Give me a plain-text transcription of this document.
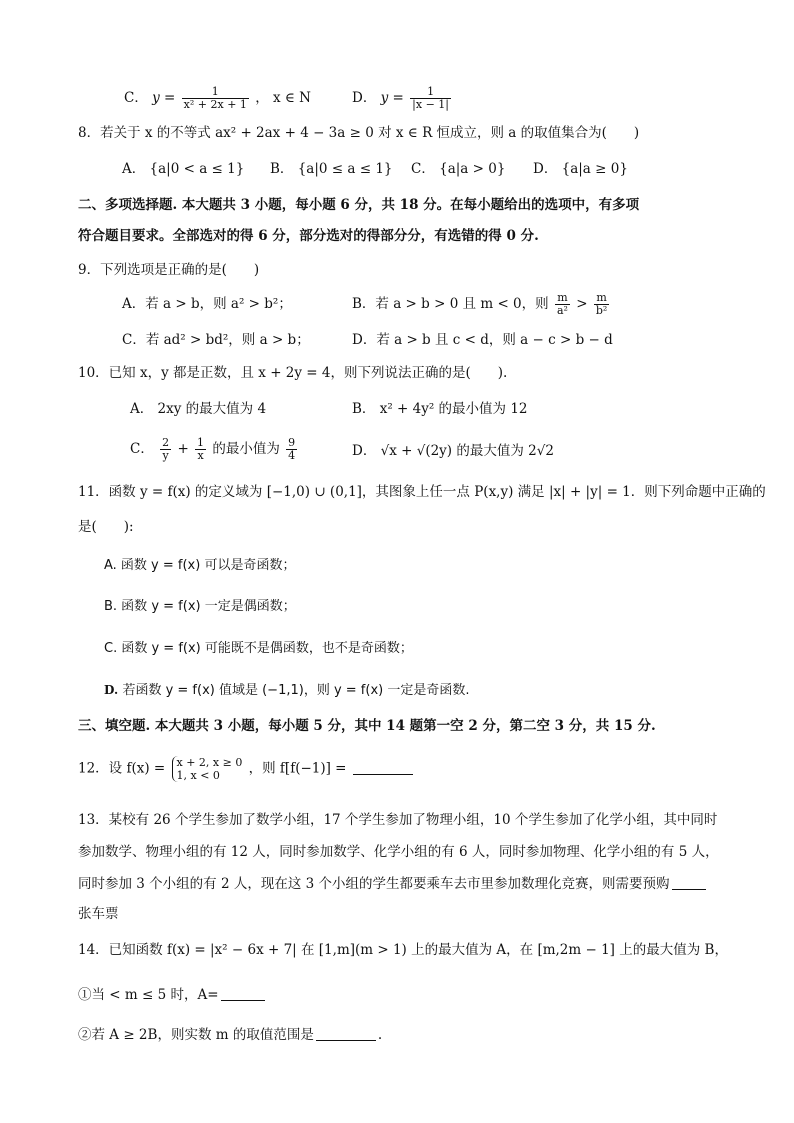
C． $y = \frac{1}{\text{x² + 2x + 1}}$ ， x ∈ N	D． $y = \frac{1}{|x - 1|}$
8．若关于 x 的不等式 ax² + 2ax + 4 − 3a ≥ 0 对 x ∈ R 恒成立，则 a 的取值集合为(　　)
A． {a|0 < a ≤ 1} B． {a|0 ≤ a ≤ 1} C． {a|a > 0} D． {a|a ≥ 0}
二、多项选择题. 本大题共 3 小题，每小题 6 分，共 18 分。在每小题给出的选项中，有多项
符合题目要求。全部选对的得 6 分，部分选对的得部分分，有选错的得 0 分.
9．下列选项是正确的是(　　)
A．若 a > b，则 a² > b²；	B．若 a > b > 0 且 m < 0，则 $\frac{m}{\text{a²}} > \frac{m}{\text{b²}}$
C．若 ad² > bd²，则 a > b；	D．若 a > b 且 c < d，则 a − c > b − d
10．已知 x，y 都是正数，且 x + 2y = 4，则下列说法正确的是(　　).
A． 2xy 的最大值为 4	B． x² + 4y² 的最小值为 12
C． $\frac{2}{y} + \frac{1}{x}$ 的最小值为 $\frac{9}{4}$	D． √x + √(2y) 的最大值为 2√2
11．函数 y = f(x) 的定义域为 [−1,0) ∪ (0,1]，其图象上任一点 P(x,y) 满足 |x| + |y| = 1．则下列命题中正确的
是(　　):
A. 函数 y = f(x) 可以是奇函数；
B. 函数 y = f(x) 一定是偶函数；
C. 函数 y = f(x) 可能既不是偶函数，也不是奇函数；
D. 若函数 y = f(x) 值域是 (−1,1)，则 y = f(x) 一定是奇函数.
三、填空题. 本大题共 3 小题，每小题 5 分，其中 14 题第一空 2 分，第二空 3 分，共 15 分.
12．设 f(x) = x + 2, x ≥ 0
1, x < 0	，则 f[f(−1)] =
13．某校有 26 个学生参加了数学小组，17 个学生参加了物理小组，10 个学生参加了化学小组，其中同时
参加数学、物理小组的有 12 人，同时参加数学、化学小组的有 6 人，同时参加物理、化学小组的有 5 人，
同时参加 3 个小组的有 2 人，现在这 3 个小组的学生都要乘车去市里参加数理化竞赛，则需要预购
张车票
14．已知函数 f(x) = |x² − 6x + 7| 在 [1,m](m > 1) 上的最大值为 A，在 [m,2m − 1] 上的最大值为 B，
①当 < m ≤ 5 时，A=
②若 A ≥ 2B，则实数 m 的取值范围是	.
